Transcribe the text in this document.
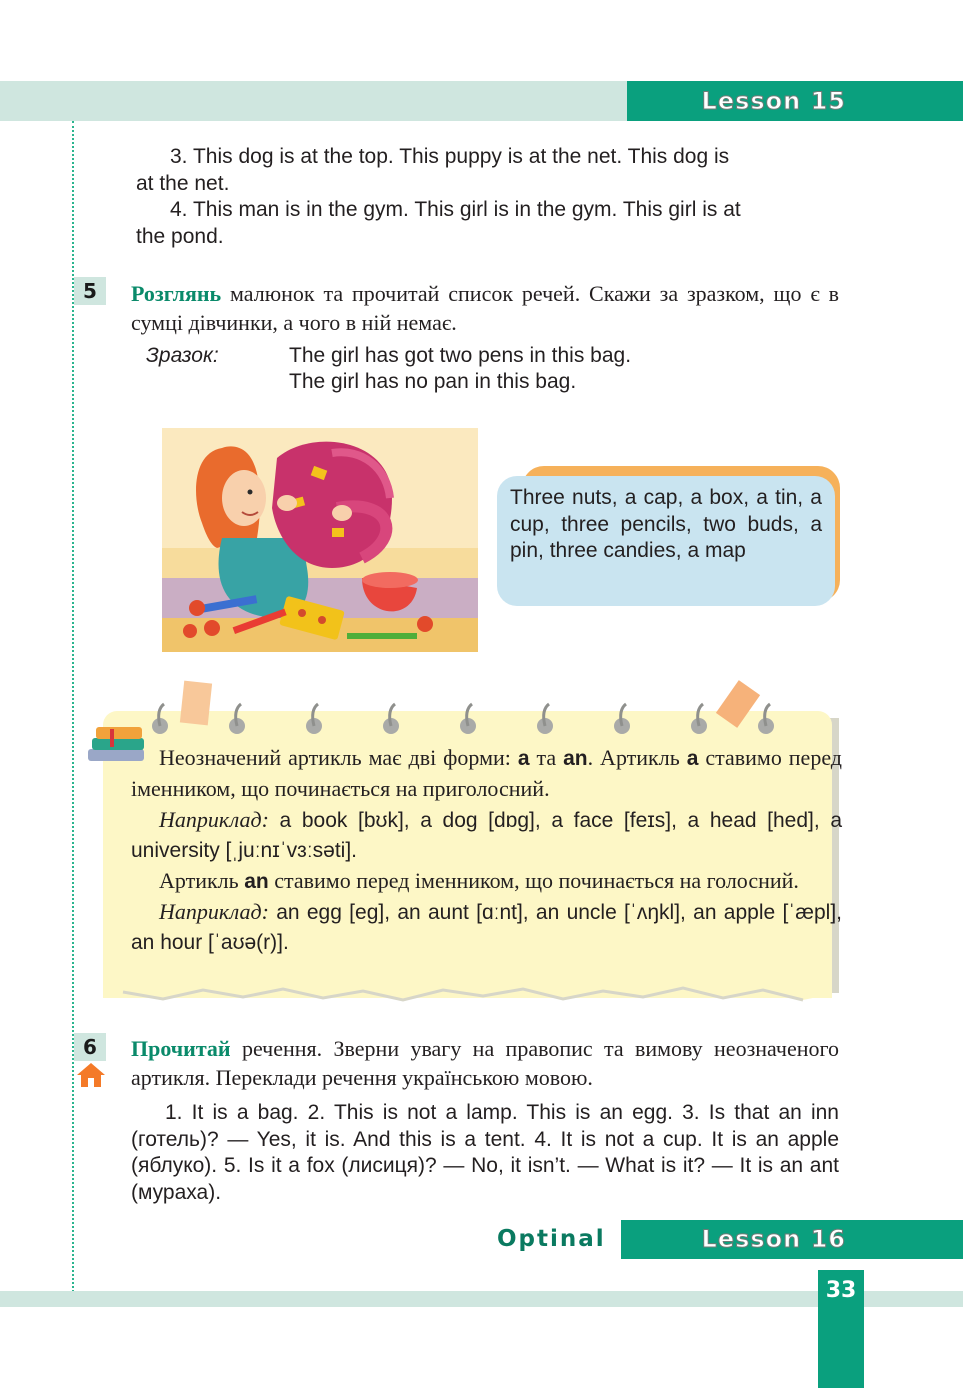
Lesson 15
3. This dog is at the top. This puppy is at the net. This dog is
at the net.
4. This man is in the gym. This girl is in the gym. This girl is at
the pond.
5	Розглянь малюнок та прочитай список речей. Скажи за зразком, що є в сумці дівчинки, а чого в ній немає.
Зразок:	The girl has got two pens in this bag.
The girl has no pan in this bag.
Three nuts, a cap, a box, a tin, a cup, three pencils, two buds, a pin, three candies, a map
Неозначений артикль має дві форми: a та an. Артикль a ставимо перед іменником, що починається на приголосний.
Наприклад: a book [bʊk], a dog [dɒg], a face [feɪs], a head [hed], a university [ˌjuːnɪˈvɜːsəti].
Артикль an ставимо перед іменником, що починається на голосний.
Наприклад: an egg [eg], an aunt [ɑːnt], an uncle [ˈʌŋkl], an apple [ˈæpl], an hour [ˈaʊə(r)].
6	Прочитай речення. Зверни увагу на правопис та вимову неозначеного артикля. Переклади речення українською мовою.
1. It is a bag. 2. This is not a lamp. This is an egg. 3. Is that an inn (готель)? — Yes, it is. And this is a tent. 4. It is not a cup. It is an apple (яблуко). 5. Is it a fox (лисиця)? — No, it isn’t. — What is it? — It is an ant (мураха).
Optinal	Lesson 16
33
